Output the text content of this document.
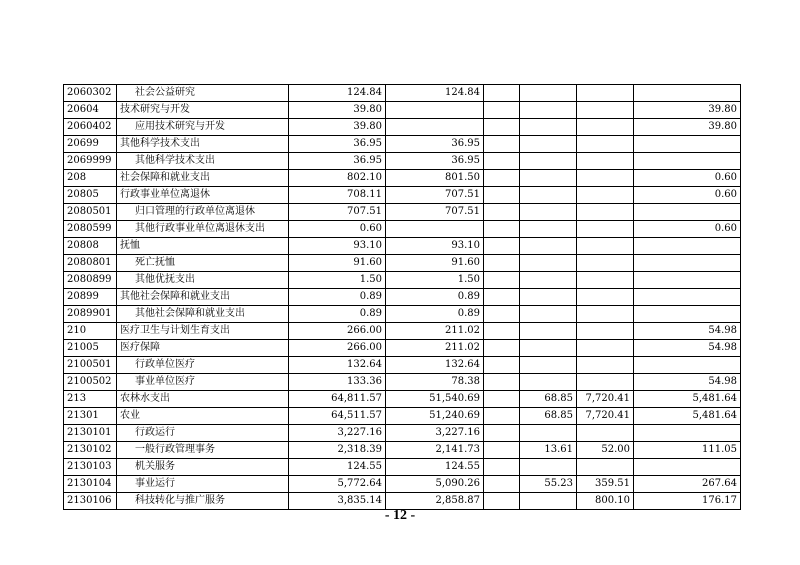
2060302	社会公益研究	124.84	124.84				
20604	技术研究与开发	39.80					39.80
2060402	应用技术研究与开发	39.80					39.80
20699	其他科学技术支出	36.95	36.95				
2069999	其他科学技术支出	36.95	36.95				
208	社会保障和就业支出	802.10	801.50				0.60
20805	行政事业单位离退休	708.11	707.51				0.60
2080501	归口管理的行政单位离退休	707.51	707.51				
2080599	其他行政事业单位离退休支出	0.60					0.60
20808	抚恤	93.10	93.10				
2080801	死亡抚恤	91.60	91.60				
2080899	其他优抚支出	1.50	1.50				
20899	其他社会保障和就业支出	0.89	0.89				
2089901	其他社会保障和就业支出	0.89	0.89				
210	医疗卫生与计划生育支出	266.00	211.02				54.98
21005	医疗保障	266.00	211.02				54.98
2100501	行政单位医疗	132.64	132.64				
2100502	事业单位医疗	133.36	78.38				54.98
213	农林水支出	64,811.57	51,540.69		68.85	7,720.41	5,481.64
21301	农业	64,511.57	51,240.69		68.85	7,720.41	5,481.64
2130101	行政运行	3,227.16	3,227.16				
2130102	一般行政管理事务	2,318.39	2,141.73		13.61	52.00	111.05
2130103	机关服务	124.55	124.55				
2130104	事业运行	5,772.64	5,090.26		55.23	359.51	267.64
2130106	科技转化与推广服务	3,835.14	2,858.87			800.10	176.17
- 12 -
